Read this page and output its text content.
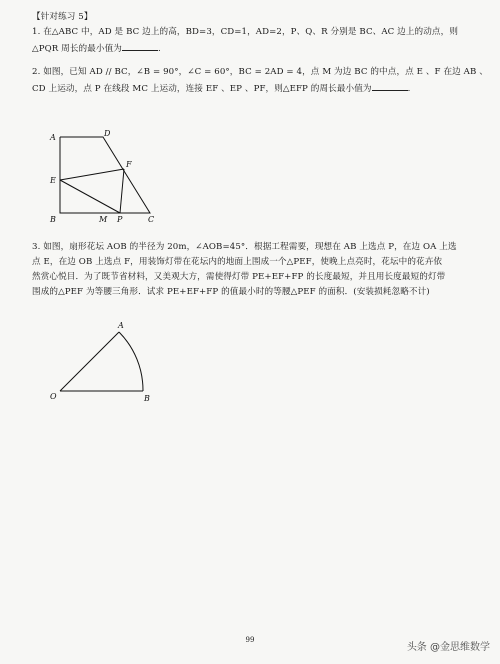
【针对练习 5】
1. 在△ABC 中，AD 是 BC 边上的高，BD=3，CD=1，AD=2，P、Q、R 分别是 BC、AC 边上的动点，则
△PQR 周长的最小值为	.
2. 如图，已知 AD // BC，∠B = 90°，∠C = 60°，BC = 2AD = 4，点 M 为边 BC 的中点，点 E 、F 在边 AB 、
CD 上运动，点 P 在线段 MC 上运动，连接 EF 、EP 、PF，则△EFP 的周长最小值为	.
A	D
F
E
B	M P	C
3. 如图，扇形花坛 AOB 的半径为 20m，∠AOB=45°．根据工程需要，现想在 AB 上选点 P，在边 OA 上选
点 E，在边 OB 上选点 F，用装饰灯带在花坛内的地面上围成一个△PEF，使晚上点亮时，花坛中的花卉依
然赏心悦目．为了既节省材料，又美观大方，需使得灯带 PE+EF+FP 的长度最短，并且用长度最短的灯带
围成的△PEF 为等腰三角形．试求 PE+EF+FP 的值最小时的等腰△PEF 的面积．(安装损耗忽略不计)
O
A
B
99
头条 @金思维数学
